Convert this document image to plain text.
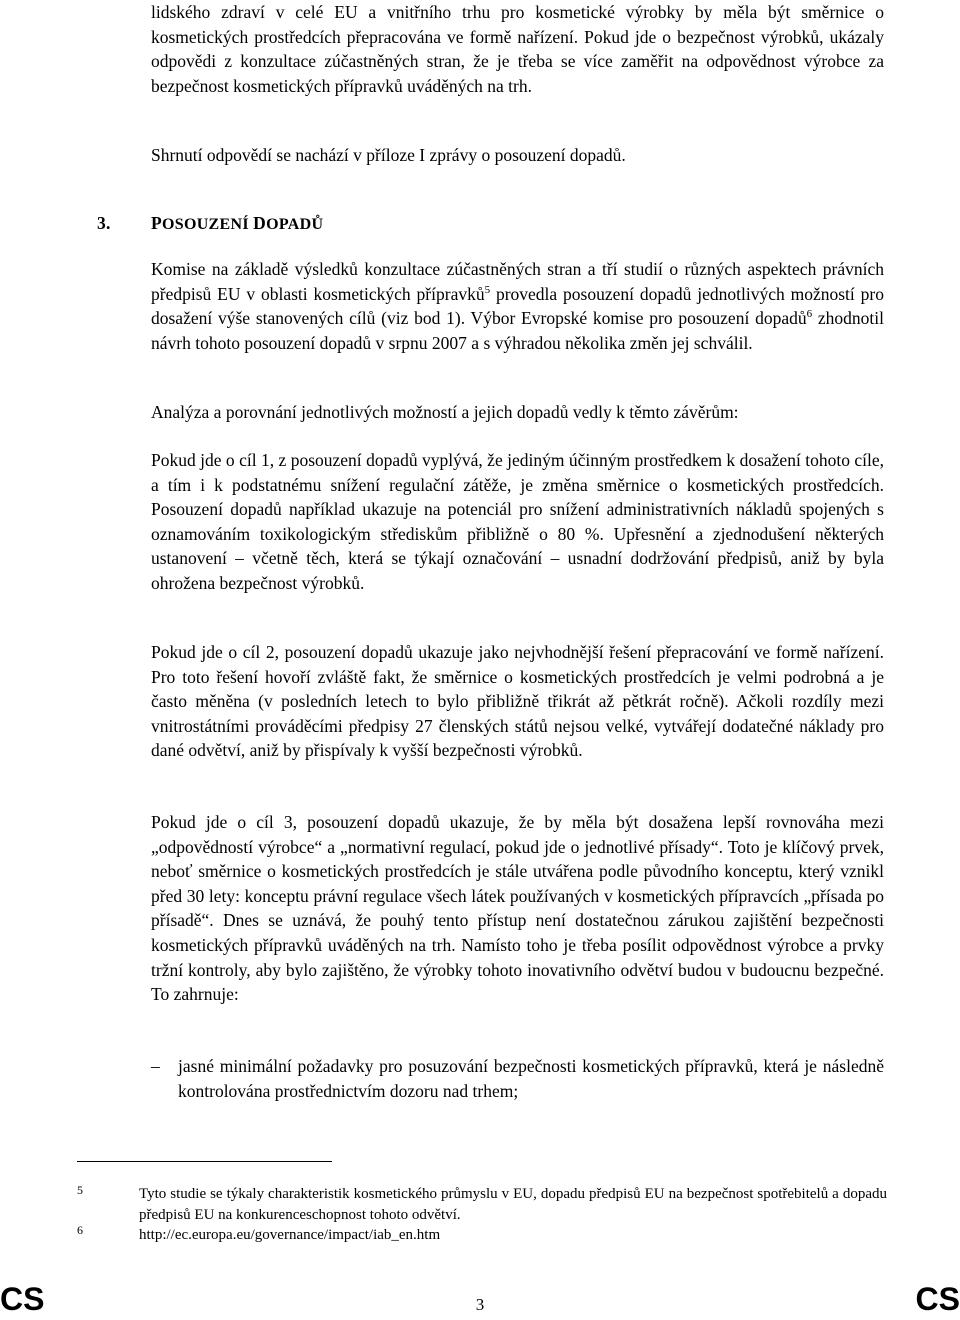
lidského zdraví v celé EU a vnitřního trhu pro kosmetické výrobky by měla být směrnice o kosmetických prostředcích přepracována ve formě nařízení. Pokud jde o bezpečnost výrobků, ukázaly odpovědi z konzultace zúčastněných stran, že je třeba se více zaměřit na odpovědnost výrobce za bezpečnost kosmetických přípravků uváděných na trh.

Shrnutí odpovědí se nachází v příloze I zprávy o posouzení dopadů.

3. POSOUZENÍ DOPADŮ

Komise na základě výsledků konzultace zúčastněných stran a tří studií o různých aspektech právních předpisů EU v oblasti kosmetických přípravků$^5$ provedla posouzení dopadů jednotlivých možností pro dosažení výše stanovených cílů (viz bod 1). Výbor Evropské komise pro posouzení dopadů$^6$ zhodnotil návrh tohoto posouzení dopadů v srpnu 2007 a s výhradou několika změn jej schválil.

Analýza a porovnání jednotlivých možností a jejich dopadů vedly k těmto závěrům:

Pokud jde o cíl 1, z posouzení dopadů vyplývá, že jediným účinným prostředkem k dosažení tohoto cíle, a tím i k podstatnému snížení regulační zátěže, je změna směrnice o kosmetických prostředcích. Posouzení dopadů například ukazuje na potenciál pro snížení administrativních nákladů spojených s oznamováním toxikologickým střediskům přibližně o 80 %. Upřesnění a zjednodušení některých ustanovení – včetně těch, která se týkají označování – usnadní dodržování předpisů, aniž by byla ohrožena bezpečnost výrobků.

Pokud jde o cíl 2, posouzení dopadů ukazuje jako nejvhodnější řešení přepracování ve formě nařízení. Pro toto řešení hovoří zvláště fakt, že směrnice o kosmetických prostředcích je velmi podrobná a je často měněna (v posledních letech to bylo přibližně třikrát až pětkrát ročně). Ačkoli rozdíly mezi vnitrostátními prováděcími předpisy 27 členských států nejsou velké, vytvářejí dodatečné náklady pro dané odvětví, aniž by přispívaly k vyšší bezpečnosti výrobků.

Pokud jde o cíl 3, posouzení dopadů ukazuje, že by měla být dosažena lepší rovnováha mezi „odpovědností výrobce“ a „normativní regulací, pokud jde o jednotlivé přísady“. Toto je klíčový prvek, neboť směrnice o kosmetických prostředcích je stále utvářena podle původního konceptu, který vznikl před 30 lety: konceptu právní regulace všech látek používaných v kosmetických přípravcích „přísada po přísadě“. Dnes se uznává, že pouhý tento přístup není dostatečnou zárukou zajištění bezpečnosti kosmetických přípravků uváděných na trh. Namísto toho je třeba posílit odpovědnost výrobce a prvky tržní kontroly, aby bylo zajištěno, že výrobky tohoto inovativního odvětví budou v budoucnu bezpečné. To zahrnuje:

– jasné minimální požadavky pro posuzování bezpečnosti kosmetických přípravků, která je následně kontrolována prostřednictvím dozoru nad trhem;
5
6

Tyto studie se týkaly charakteristik kosmetického průmyslu v EU, dopadu předpisů EU na bezpečnost spotřebitelů a dopadu předpisů EU na konkurenceschopnost tohoto odvětví.

http://ec.europa.eu/governance/impact/iab_en.htm

CS	3	CS
